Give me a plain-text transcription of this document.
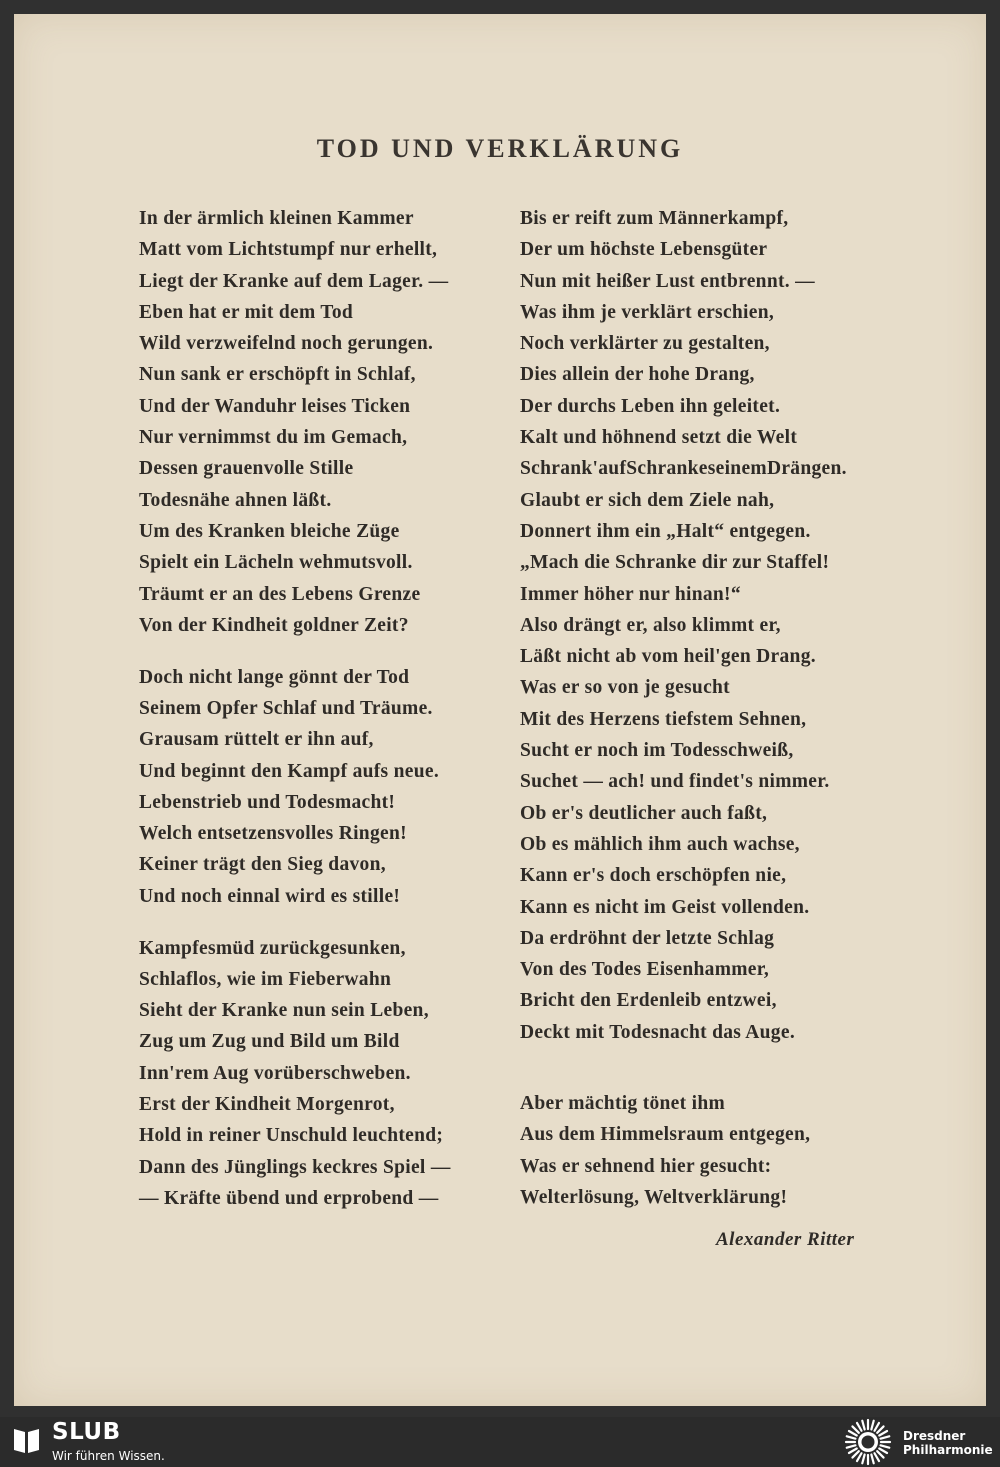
TOD UND VERKLÄRUNG
In der ärmlich kleinen Kammer
Matt vom Lichtstumpf nur erhellt,
Liegt der Kranke auf dem Lager. —
Eben hat er mit dem Tod
Wild verzweifelnd noch gerungen.
Nun sank er erschöpft in Schlaf,
Und der Wanduhr leises Ticken
Nur vernimmst du im Gemach,
Dessen grauenvolle Stille
Todesnähe ahnen läßt.
Um des Kranken bleiche Züge
Spielt ein Lächeln wehmutsvoll.
Träumt er an des Lebens Grenze
Von der Kindheit goldner Zeit?
Doch nicht lange gönnt der Tod
Seinem Opfer Schlaf und Träume.
Grausam rüttelt er ihn auf,
Und beginnt den Kampf aufs neue.
Lebenstrieb und Todesmacht!
Welch entsetzensvolles Ringen!
Keiner trägt den Sieg davon,
Und noch einnal wird es stille!
Kampfesmüd zurückgesunken,
Schlaflos, wie im Fieberwahn
Sieht der Kranke nun sein Leben,
Zug um Zug und Bild um Bild
Inn'rem Aug vorüberschweben.
Erst der Kindheit Morgenrot,
Hold in reiner Unschuld leuchtend;
Dann des Jünglings keckres Spiel —
— Kräfte übend und erprobend —
Bis er reift zum Männerkampf,
Der um höchste Lebensgüter
Nun mit heißer Lust entbrennt. —
Was ihm je verklärt erschien,
Noch verklärter zu gestalten,
Dies allein der hohe Drang,
Der durchs Leben ihn geleitet.
Kalt und höhnend setzt die Welt
Schrank'aufSchrankeseinemDrängen.
Glaubt er sich dem Ziele nah,
Donnert ihm ein „Halt“ entgegen.
„Mach die Schranke dir zur Staffel!
Immer höher nur hinan!“
Also drängt er, also klimmt er,
Läßt nicht ab vom heil'gen Drang.
Was er so von je gesucht
Mit des Herzens tiefstem Sehnen,
Sucht er noch im Todesschweiß,
Suchet — ach! und findet's nimmer.
Ob er's deutlicher auch faßt,
Ob es mählich ihm auch wachse,
Kann er's doch erschöpfen nie,
Kann es nicht im Geist vollenden.
Da erdröhnt der letzte Schlag
Von des Todes Eisenhammer,
Bricht den Erdenleib entzwei,
Deckt mit Todesnacht das Auge.
Aber mächtig tönet ihm
Aus dem Himmelsraum entgegen,
Was er sehnend hier gesucht:
Welterlösung, Weltverklärung!
Alexander Ritter
SLUB
Wir führen Wissen.
Dresdner
Philharmonie
